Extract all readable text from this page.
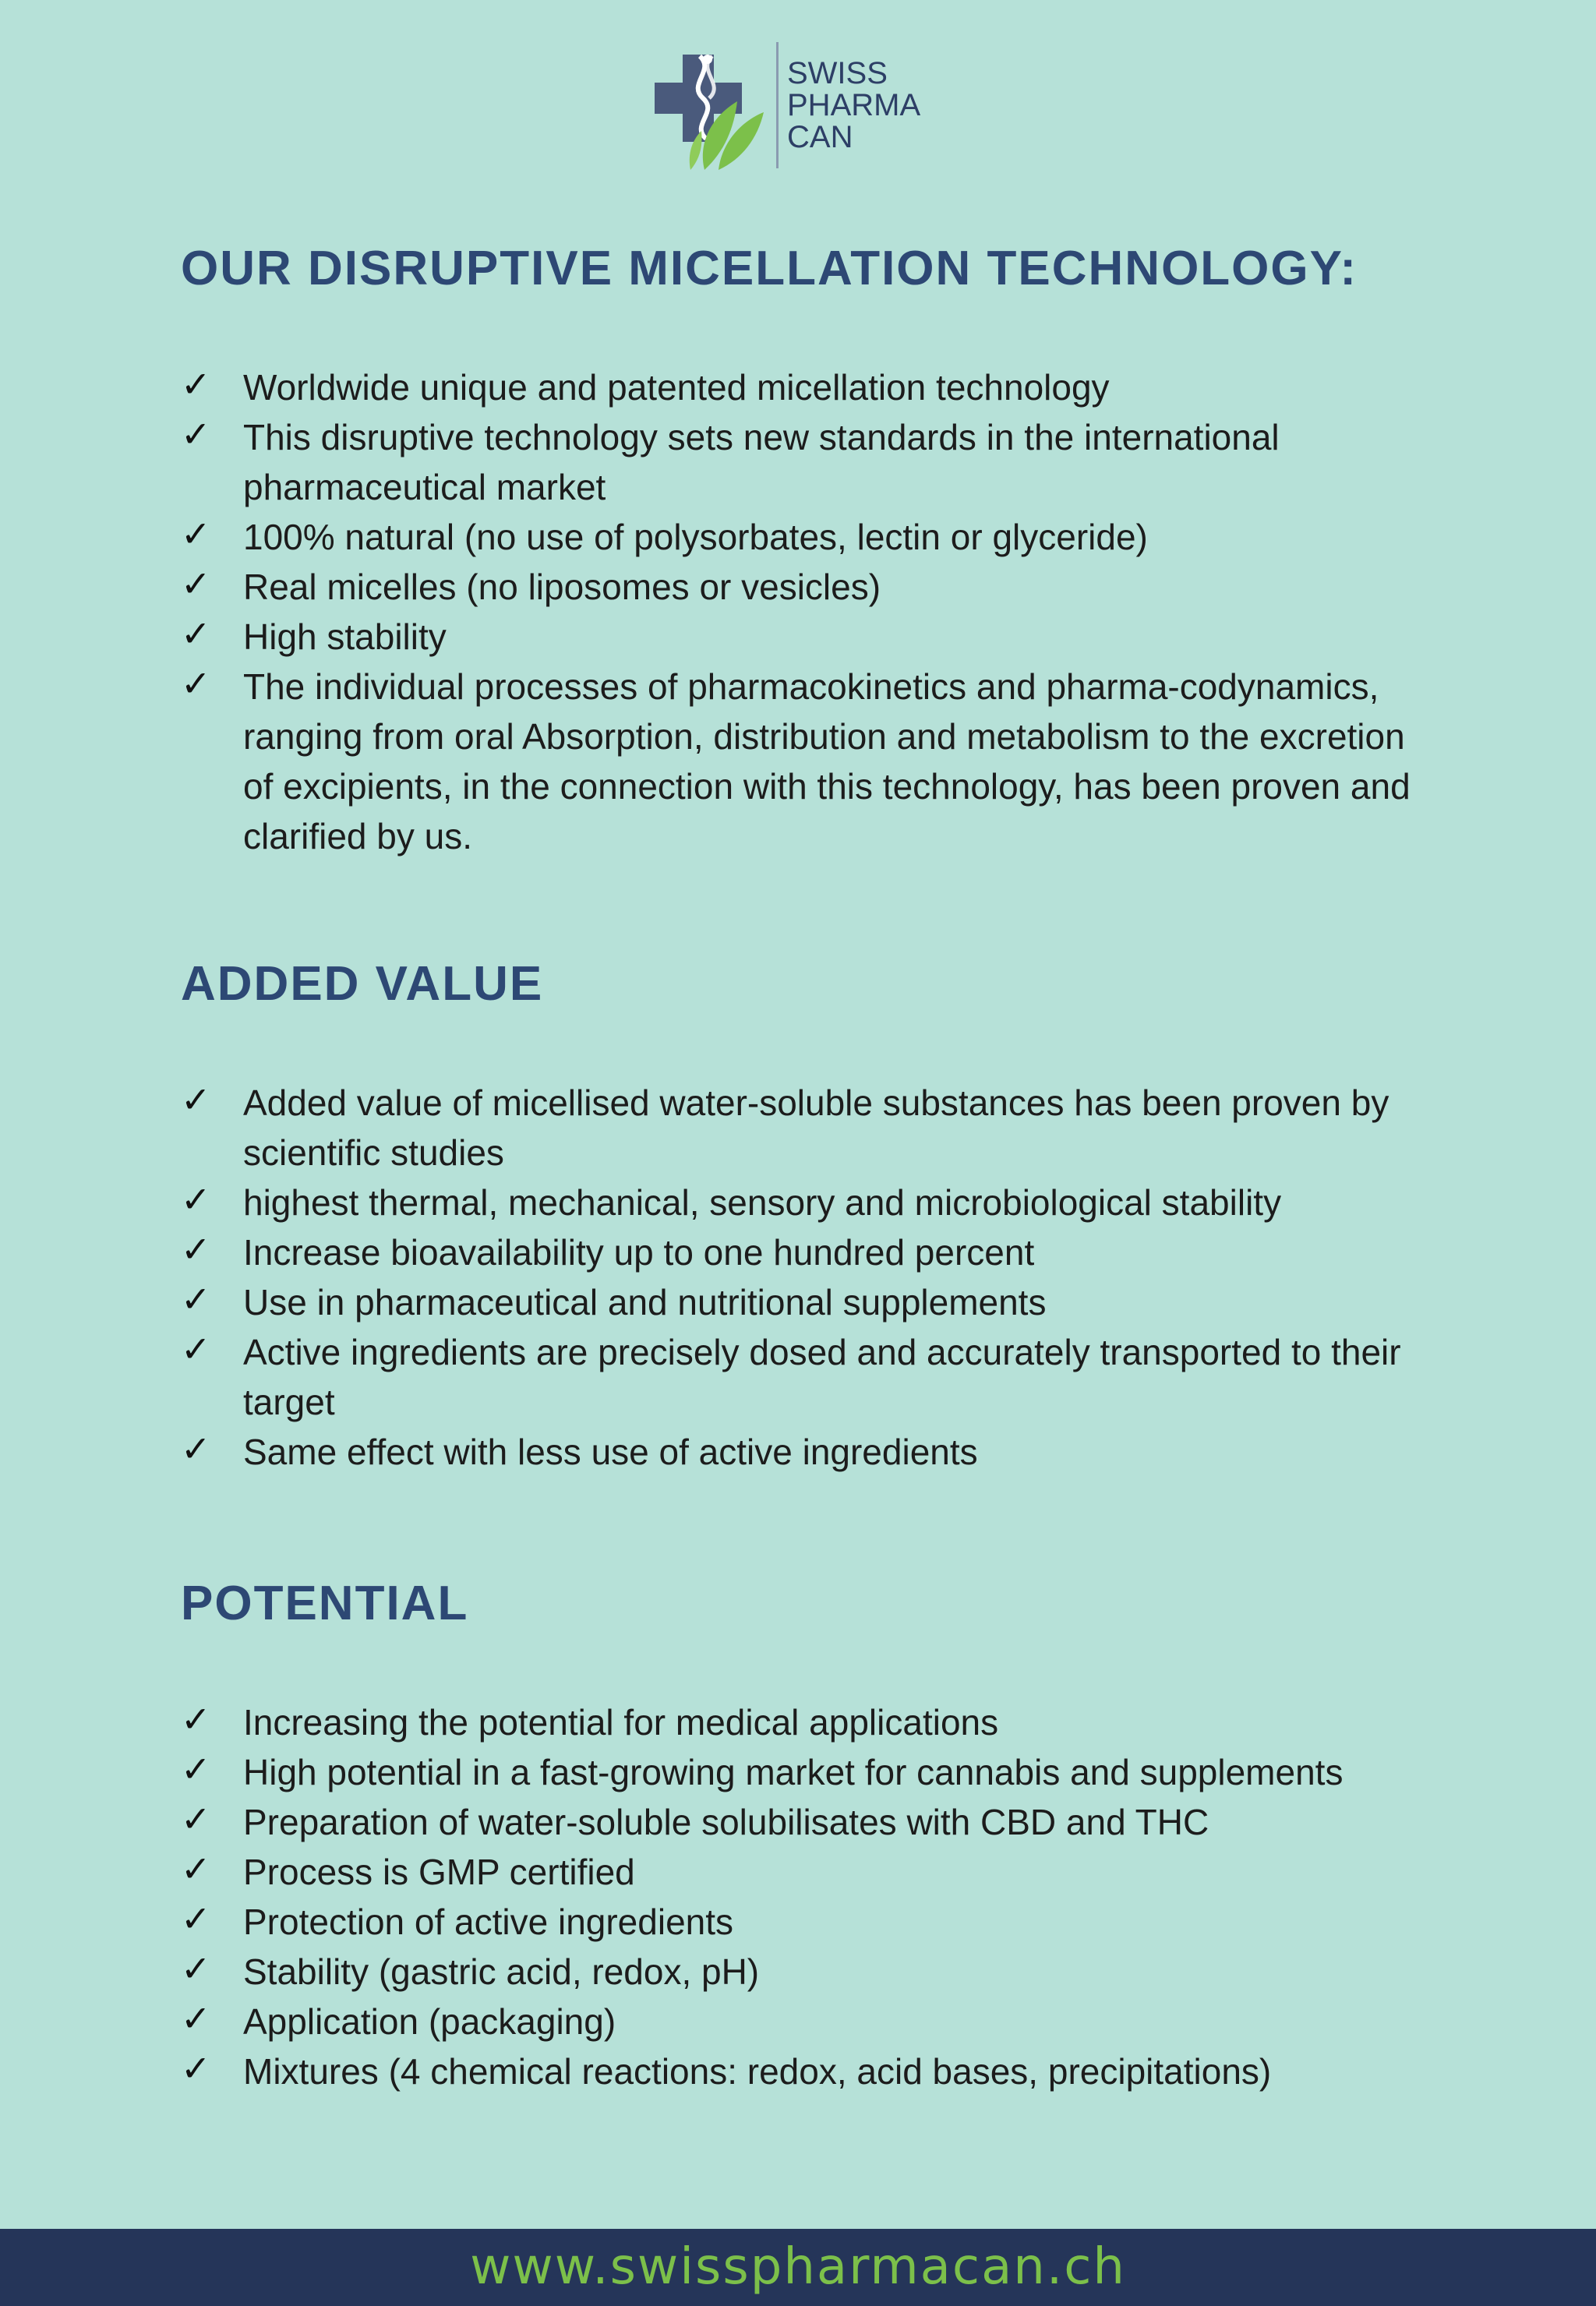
SWISS
PHARMA
CAN
OUR DISRUPTIVE MICELLATION TECHNOLOGY:
✓ Worldwide unique and patented micellation technology
✓ This disruptive technology sets new standards in the international pharmaceutical market
✓ 100% natural (no use of polysorbates, lectin or glyceride)
✓ Real micelles (no liposomes or vesicles)
✓ High stability
✓ The individual processes of pharmacokinetics and pharma-codynamics, ranging from oral Absorption, distribution and metabolism to the excretion of excipients, in the connection with this technology, has been proven and clarified by us.
ADDED VALUE
✓ Added value of micellised water-soluble substances has been proven by scientific studies
✓ highest thermal, mechanical, sensory and microbiological stability
✓ Increase bioavailability up to one hundred percent
✓ Use in pharmaceutical and nutritional supplements
✓ Active ingredients are precisely dosed and accurately transported to their target
✓ Same effect with less use of active ingredients
POTENTIAL
✓ Increasing the potential for medical applications
✓ High potential in a fast-growing market for cannabis and supplements
✓ Preparation of water-soluble solubilisates with CBD and THC
✓ Process is GMP certified
✓ Protection of active ingredients
✓ Stability (gastric acid, redox, pH)
✓ Application (packaging)
✓ Mixtures (4 chemical reactions: redox, acid bases, precipitations)
www.swisspharmacan.ch
